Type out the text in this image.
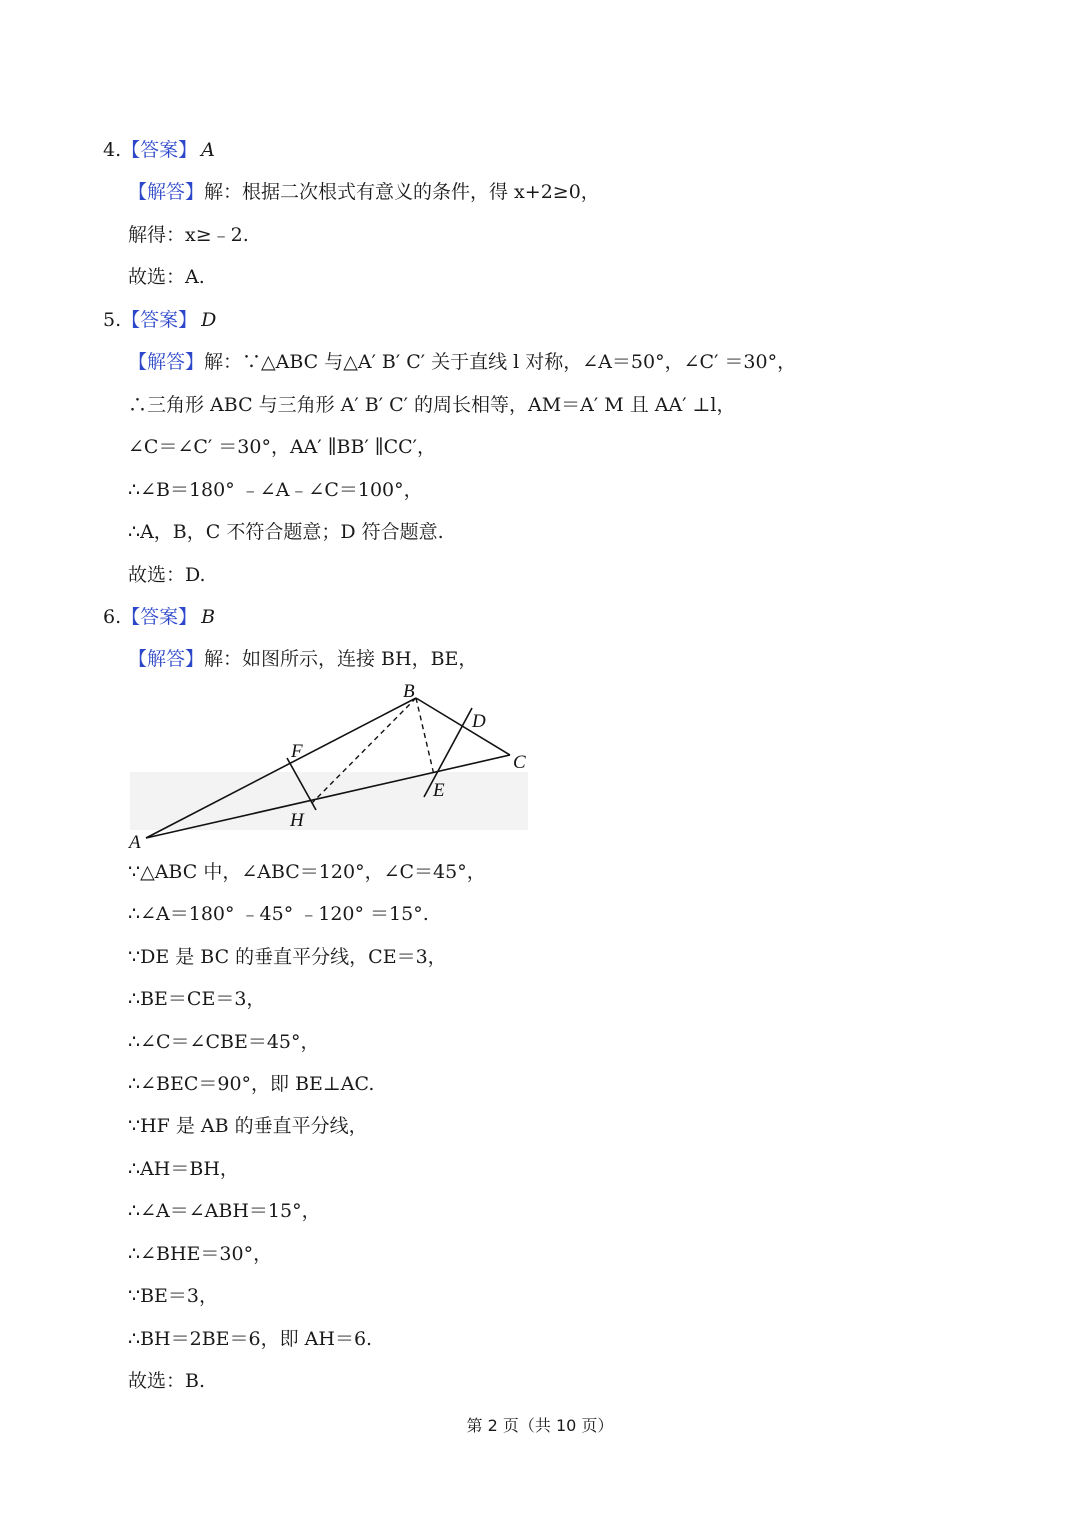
4.【答案】 A
【解答】解：根据二次根式有意义的条件，得 x+2≥0，
解得：x≥﹣2.
故选：A.
5.【答案】 D
【解答】解：∵△ABC 与△A′ B′ C′ 关于直线 l 对称，∠A＝50°，∠C′ ＝30°，
∴三角形 ABC 与三角形 A′ B′ C′ 的周长相等，AM＝A′ M 且 AA′ ⊥l，
∠C＝∠C′ ＝30°，AA′ ∥BB′ ∥CC′，
∴∠B＝180° ﹣∠A﹣∠C＝100°，
∴A，B，C 不符合题意；D 符合题意.
故选：D.
6.【答案】 B
【解答】解：如图所示，连接 BH，BE，
A
B
C
D
E
F
H
∵△ABC 中，∠ABC＝120°，∠C＝45°，
∴∠A＝180° ﹣45° ﹣120° ＝15°.
∵DE 是 BC 的垂直平分线，CE＝3，
∴BE＝CE＝3，
∴∠C＝∠CBE＝45°，
∴∠BEC＝90°，即 BE⊥AC.
∵HF 是 AB 的垂直平分线，
∴AH＝BH，
∴∠A＝∠ABH＝15°，
∴∠BHE＝30°，
∵BE＝3，
∴BH＝2BE＝6，即 AH＝6.
故选：B.
第 2 页（共 10 页）
